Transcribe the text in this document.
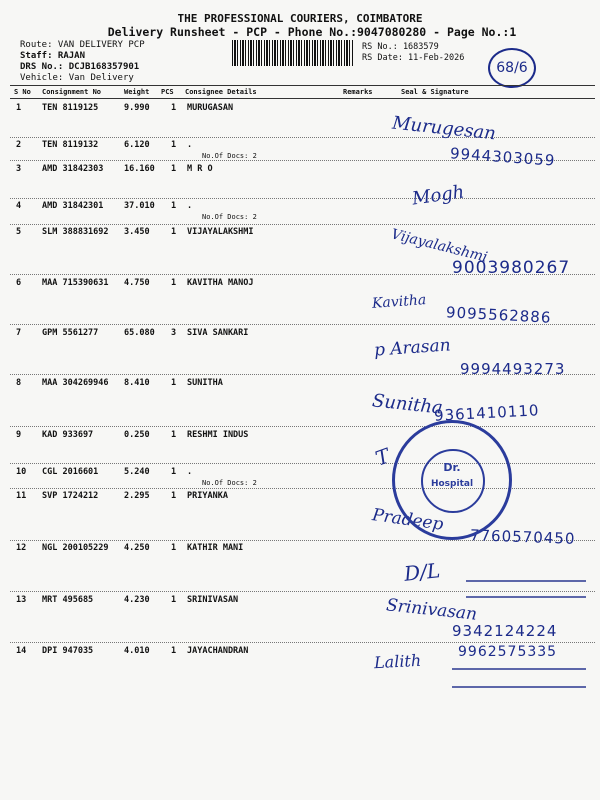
THE PROFESSIONAL COURIERS, COIMBATORE
Delivery Runsheet - PCP - Phone No.:9047080280 - Page No.:1
Route: VAN DELIVERY PCP
Staff: RAJAN
DRS No.: DCJB168357901
Vehicle: Van Delivery
RS No.: 1683579
RS Date: 11-Feb-2026
68/6
S No Consignment No	Weight PCS Consignee Details	Remarks	Seal & Signature
1 TEN 8119125	9.990	1 MURUGASAN
2 TEN 8119132	6.120	1 .
No.Of Docs: 2
3 AMD 31842303 16.160 1 M R O
4 AMD 31842301 37.010 1 .
No.Of Docs: 2
5 SLM 388831692 3.450	1 VIJAYALAKSHMI
6 MAA 715390631 4.750	1 KAVITHA MANOJ
7 GPM 5561277	65.080 3 SIVA SANKARI
8 MAA 304269946 8.410	1 SUNITHA
9 KAD 933697	0.250	1 RESHMI INDUS
10 CGL 2016601	5.240	1 .
No.Of Docs: 2
11 SVP 1724212	2.295	1 PRIYANKA
12 NGL 200105229 4.250	1 KATHIR MANI
13 MRT 495685	4.230	1 SRINIVASAN
14 DPI 947035	4.010	1 JAYACHANDRAN
Murugesan
9944303059
Mogh
Vijayalakshmi
9003980267
Kavitha
9095562886
p Arasan
9994493273
Sunitha
9361410110
T
Pradeep
7760570450
D/L
Srinivasan
9342124224
Lalith	9962575335
Dr.
Hospital
